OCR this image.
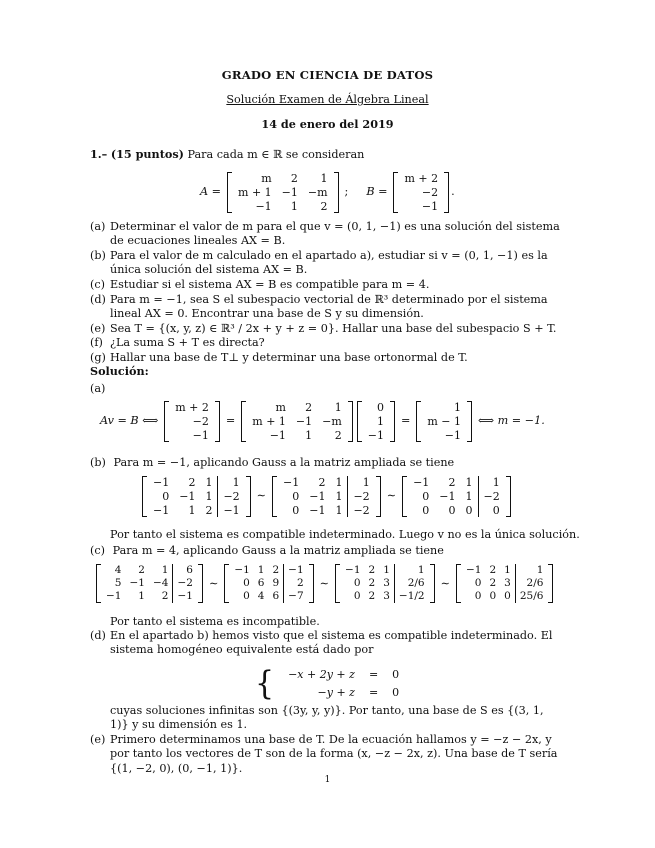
GRADO EN CIENCIA DE DATOS
Solución Examen de Álgebra Lineal
14 de enero del 2019
1.– (15 puntos) Para cada m ∈ ℝ se consideran
A =
m	2	1
m + 1	−1	−m
−1	1	2
;	B =
m + 2
−2
−1
.
(a) Determinar el valor de m para el que v = (0, 1, −1) es una solución del sistema de ecuaciones lineales AX = B.
(b) Para el valor de m calculado en el apartado a), estudiar si v = (0, 1, −1) es la única solución del sistema AX = B.
(c) Estudiar si el sistema AX = B es compatible para m = 4.
(d) Para m = −1, sea S el subespacio vectorial de ℝ³ determinado por el sistema lineal AX = 0. Encontrar una base de S y su dimensión.
(e) Sea T = {(x, y, z) ∈ ℝ³ / 2x + y + z = 0}. Hallar una base del subespacio S + T.
(f) ¿La suma S + T es directa?
(g) Hallar una base de T⊥ y determinar una base ortonormal de T.
Solución:
(a)
Av = B ⟺
m + 2
−2
−1
=
m	2	1
m + 1	−1	−m
−1	1	2
0
1
−1
=
1
m − 1
−1
⟺ m = −1.
(b) Para m = −1, aplicando Gauss a la matriz ampliada se tiene
−1	2	1	1
0	−1	1	−2
−1	1	2	−1
∼
−1	2	1	1
0	−1	1	−2
0	−1	1	−2
∼
−1	2	1	1
0	−1	1	−2
0	0	0	0
Por tanto el sistema es compatible indeterminado. Luego v no es la única solución.
(c) Para m = 4, aplicando Gauss a la matriz ampliada se tiene
4	2	1	6
5	−1	−4	−2
−1	1	2	−1
∼
−1	1	2	−1
0	6	9	2
0	4	6	−7
∼
−1	2	1	1
0	2	3	2/6
0	2	3	−1/2
∼
−1	2	1	1
0	2	3	2/6
0	0	0	25/6
Por tanto el sistema es incompatible.
(d) En el apartado b) hemos visto que el sistema es compatible indeterminado. El sistema homogéneo equivalente está dado por
{ −x + 2y + z	=	0
−y + z	=	0
cuyas soluciones infinitas son {(3y, y, y)}. Por tanto, una base de S es {(3, 1, 1)} y su dimensión es 1.
(e) Primero determinamos una base de T. De la ecuación hallamos y = −z − 2x, y por tanto los vectores de T son de la forma (x, −z − 2x, z). Una base de T sería {(1, −2, 0), (0, −1, 1)}.
1
